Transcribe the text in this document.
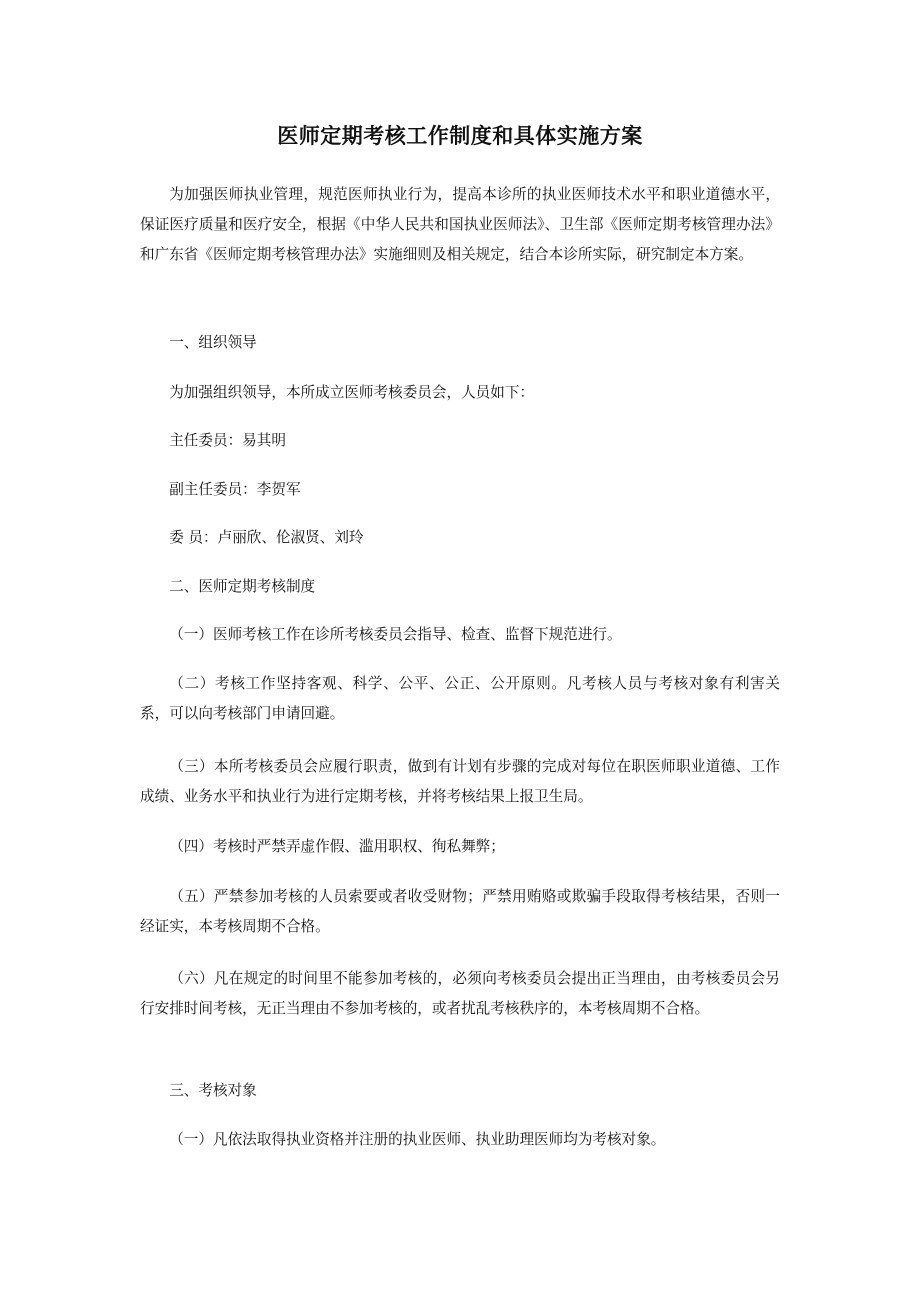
医师定期考核工作制度和具体实施方案

为加强医师执业管理，规范医师执业行为，提高本诊所的执业医师技术水平和职业道德水平，保证医疗质量和医疗安全，根据《中华人民共和国执业医师法》、卫生部《医师定期考核管理办法》和广东省《医师定期考核管理办法》实施细则及相关规定，结合本诊所实际，研究制定本方案。

一、组织领导

为加强组织领导，本所成立医师考核委员会，人员如下：

主任委员：易其明

副主任委员：李贺军

委 员：卢丽欣、伦淑贤、刘玲

二、医师定期考核制度

（一）医师考核工作在诊所考核委员会指导、检查、监督下规范进行。

（二）考核工作坚持客观、科学、公平、公正、公开原则。凡考核人员与考核对象有利害关系，可以向考核部门申请回避。

（三）本所考核委员会应履行职责，做到有计划有步骤的完成对每位在职医师职业道德、工作成绩、业务水平和执业行为进行定期考核，并将考核结果上报卫生局。

（四）考核时严禁弄虚作假、滥用职权、徇私舞弊；

（五）严禁参加考核的人员索要或者收受财物；严禁用贿赂或欺骗手段取得考核结果，否则一经证实，本考核周期不合格。

（六）凡在规定的时间里不能参加考核的，必须向考核委员会提出正当理由，由考核委员会另行安排时间考核，无正当理由不参加考核的，或者扰乱考核秩序的，本考核周期不合格。

三、考核对象

（一）凡依法取得执业资格并注册的执业医师、执业助理医师均为考核对象。
